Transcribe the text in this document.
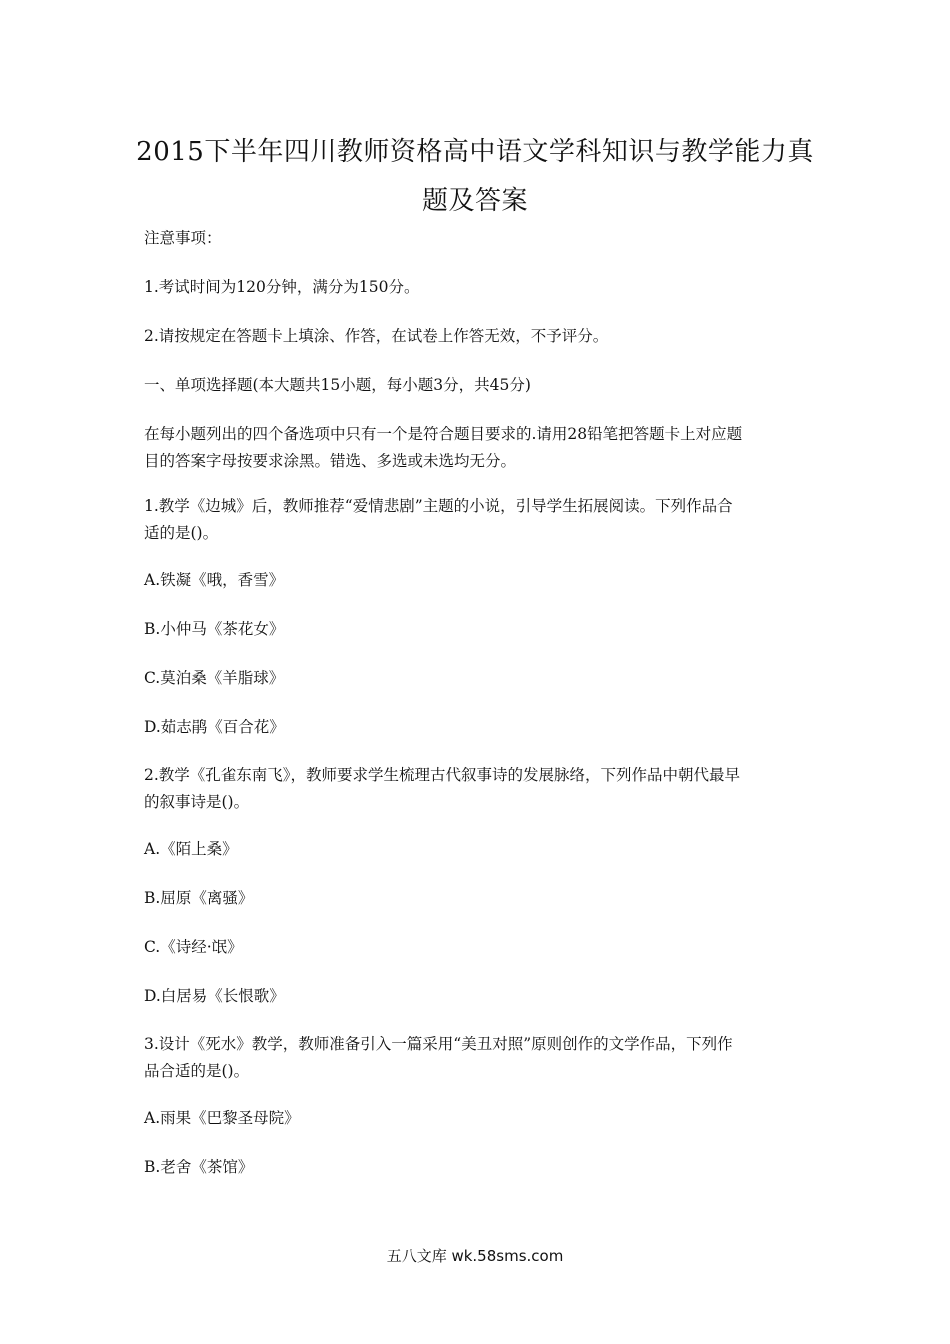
2015下半年四川教师资格高中语文学科知识与教学能力真
题及答案
注意事项：
1.考试时间为120分钟，满分为150分。
2.请按规定在答题卡上填涂、作答，在试卷上作答无效，不予评分。
一、单项选择题(本大题共15小题，每小题3分，共45分)
在每小题列出的四个备选项中只有一个是符合题目要求的.请用28铅笔把答题卡上对应题
目的答案字母按要求涂黑。错选、多选或未选均无分。
1.教学《边城》后，教师推荐“爱情悲剧”主题的小说，引导学生拓展阅读。下列作品合
适的是()。
A.铁凝《哦，香雪》
B.小仲马《茶花女》
C.莫泊桑《羊脂球》
D.茹志鹃《百合花》
2.教学《孔雀东南飞》，教师要求学生梳理古代叙事诗的发展脉络，下列作品中朝代最早
的叙事诗是()。
A.《陌上桑》
B.屈原《离骚》
C.《诗经·氓》
D.白居易《长恨歌》
3.设计《死水》教学，教师准备引入一篇采用“美丑对照”原则创作的文学作品，下列作
品合适的是()。
A.雨果《巴黎圣母院》
B.老舍《茶馆》
五八文库 wk.58sms.com
